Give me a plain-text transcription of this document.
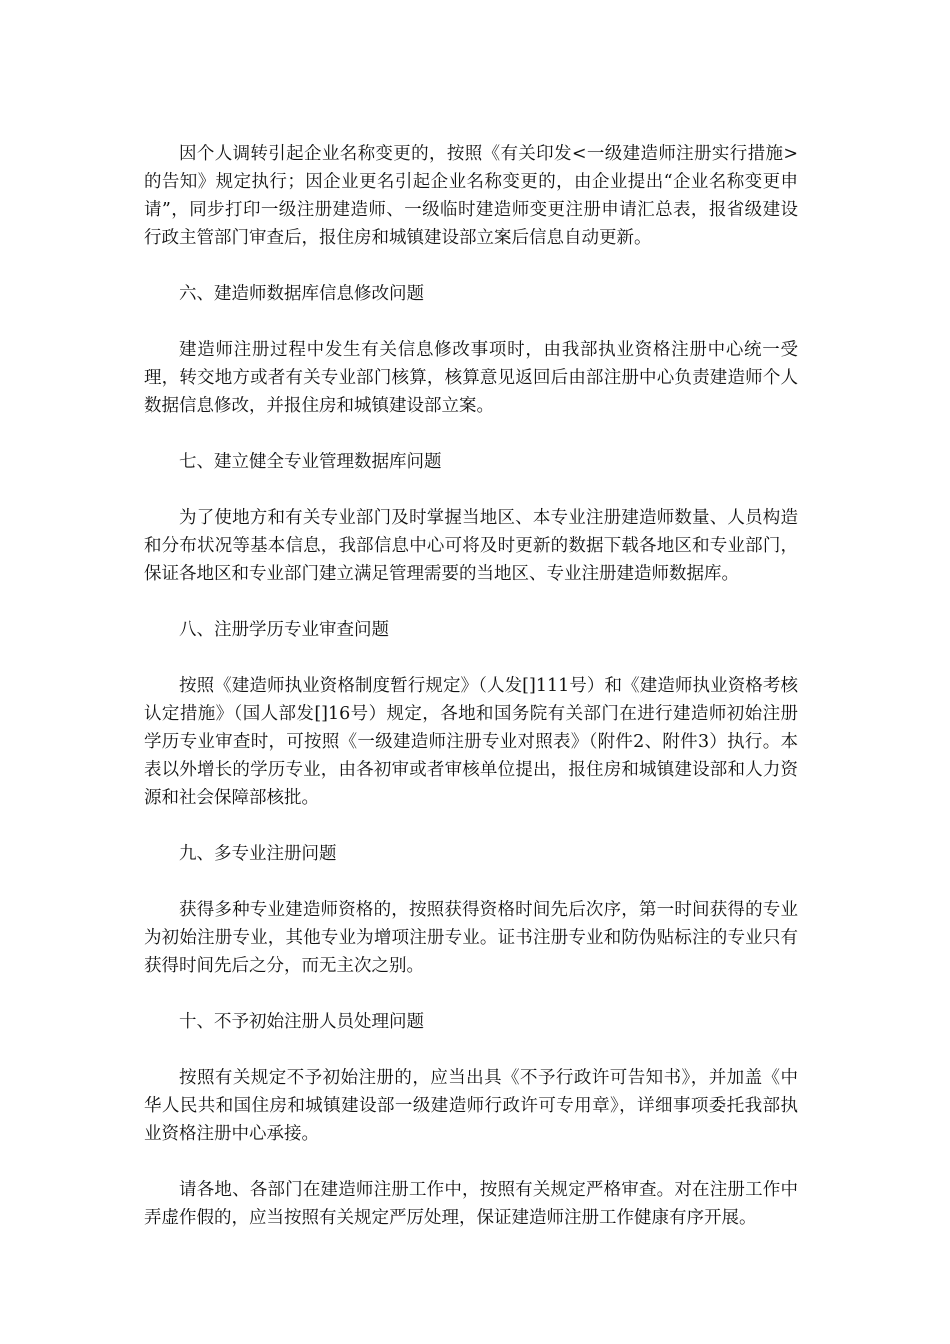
因个人调转引起企业名称变更的，按照《有关印发<一级建造师注册实行措施>的告知》规定执行；因企业更名引起企业名称变更的，由企业提出“企业名称变更申请”，同步打印一级注册建造师、一级临时建造师变更注册申请汇总表，报省级建设行政主管部门审查后，报住房和城镇建设部立案后信息自动更新。

六、建造师数据库信息修改问题

建造师注册过程中发生有关信息修改事项时，由我部执业资格注册中心统一受理，转交地方或者有关专业部门核算，核算意见返回后由部注册中心负责建造师个人数据信息修改，并报住房和城镇建设部立案。

七、建立健全专业管理数据库问题

为了使地方和有关专业部门及时掌握当地区、本专业注册建造师数量、人员构造和分布状况等基本信息，我部信息中心可将及时更新的数据下载各地区和专业部门，保证各地区和专业部门建立满足管理需要的当地区、专业注册建造师数据库。

八、注册学历专业审查问题

按照《建造师执业资格制度暂行规定》（人发[]111号）和《建造师执业资格考核认定措施》（国人部发[]16号）规定，各地和国务院有关部门在进行建造师初始注册学历专业审查时，可按照《一级建造师注册专业对照表》（附件2、附件3）执行。本表以外增长的学历专业，由各初审或者审核单位提出，报住房和城镇建设部和人力资源和社会保障部核批。

九、多专业注册问题

获得多种专业建造师资格的，按照获得资格时间先后次序，第一时间获得的专业为初始注册专业，其他专业为增项注册专业。证书注册专业和防伪贴标注的专业只有获得时间先后之分，而无主次之别。

十、不予初始注册人员处理问题

按照有关规定不予初始注册的，应当出具《不予行政许可告知书》，并加盖《中华人民共和国住房和城镇建设部一级建造师行政许可专用章》，详细事项委托我部执业资格注册中心承接。

请各地、各部门在建造师注册工作中，按照有关规定严格审查。对在注册工作中弄虚作假的，应当按照有关规定严厉处理，保证建造师注册工作健康有序开展。
